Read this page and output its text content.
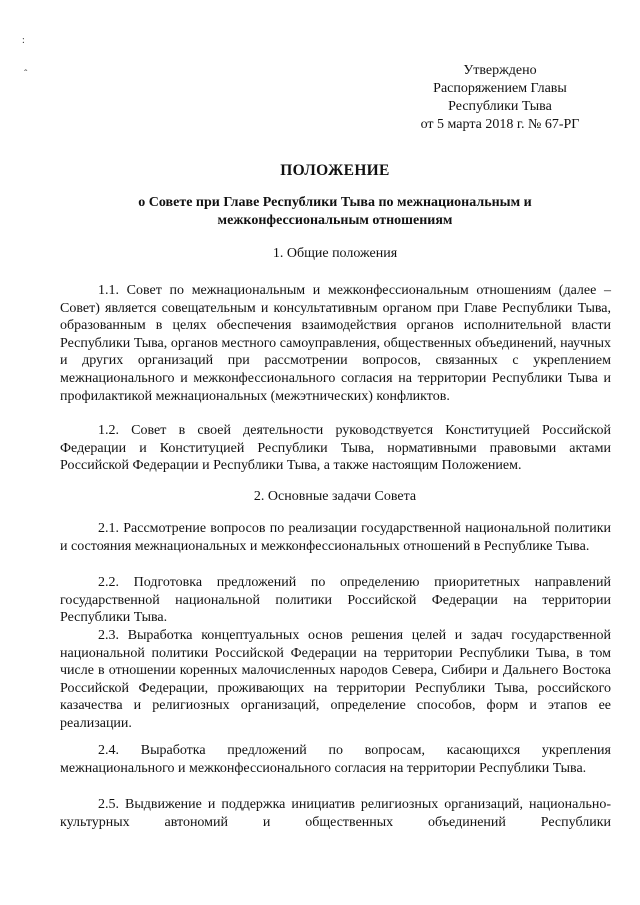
:
ˆ	Утверждено
Распоряжением Главы
Республики Тыва
от 5 марта 2018 г. № 67-РГ
ПОЛОЖЕНИЕ
о Совете при Главе Республики Тыва по межнациональным и
межконфессиональным отношениям
1. Общие положения

1.1. Совет по межнациональным и межконфессиональным отношениям (далее – Совет) является совещательным и консультативным органом при Главе Республики Тыва, образованным в целях обеспечения взаимодействия органов исполнительной власти Республики Тыва, органов местного самоуправления, общественных объединений, научных и других организаций при рассмотрении вопросов, связанных с укреплением межнационального и межконфессионального согласия на территории Республики Тыва и профилактикой межнациональных (межэтнических) конфликтов.

1.2. Совет в своей деятельности руководствуется Конституцией Российской Федерации и Конституцией Республики Тыва, нормативными правовыми актами Российской Федерации и Республики Тыва, а также настоящим Положением.

2. Основные задачи Совета

2.1. Рассмотрение вопросов по реализации государственной национальной политики и состояния межнациональных и межконфессиональных отношений в Республике Тыва.

2.2. Подготовка предложений по определению приоритетных направлений государственной национальной политики Российской Федерации на территории Республики Тыва.

2.3. Выработка концептуальных основ решения целей и задач государственной национальной политики Российской Федерации на территории Республики Тыва, в том числе в отношении коренных малочисленных народов Севера, Сибири и Дальнего Востока Российской Федерации, проживающих на территории Республики Тыва, российского казачества и религиозных организаций, определение способов, форм и этапов ее реализации.

2.4. Выработка предложений по вопросам, касающихся укрепления межнационального и межконфессионального согласия на территории Республики Тыва.

2.5. Выдвижение и поддержка инициатив религиозных организаций, национально-культурных автономий и общественных объединений Республики
